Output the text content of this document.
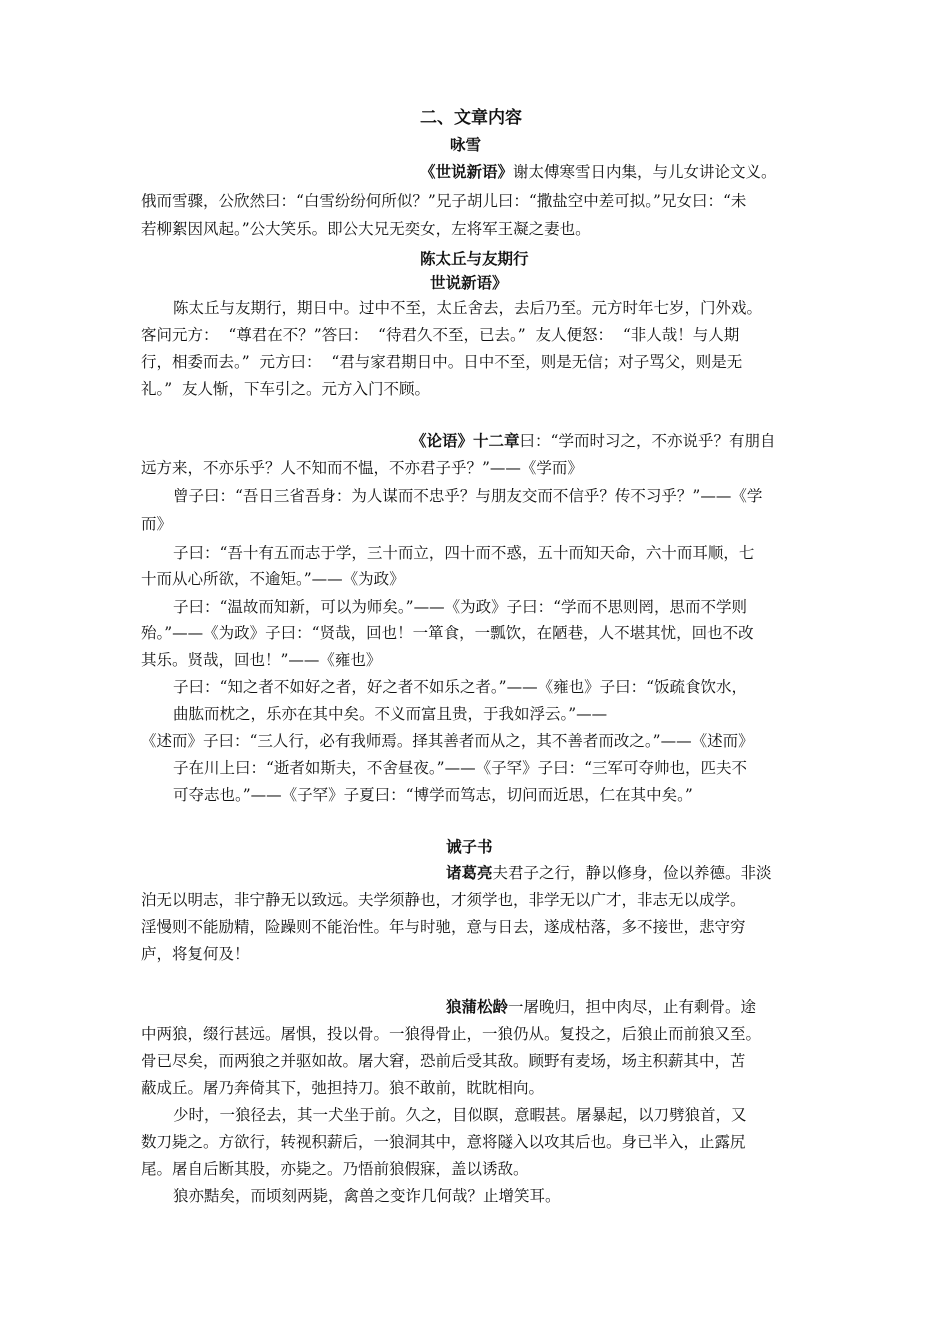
二、文章内容
咏雪
《世说新语》谢太傅寒雪日内集，与儿女讲论文义。
俄而雪骤，公欣然曰：“白雪纷纷何所似？”兄子胡儿曰：“撒盐空中差可拟。”兄女曰：“未
若柳絮因风起。”公大笑乐。即公大兄无奕女，左将军王凝之妻也。
陈太丘与友期行
世说新语》
陈太丘与友期行，期日中。过中不至，太丘舍去，去后乃至。元方时年七岁，门外戏。
客问元方：  “尊君在不？”答曰：  “待君久不至，已去。”  友人便怒：  “非人哉！与人期
行，相委而去。”  元方曰：  “君与家君期日中。日中不至，则是无信；对子骂父，则是无
礼。”  友人惭，下车引之。元方入门不顾。
《论语》十二章曰：“学而时习之，不亦说乎？有朋自
远方来，不亦乐乎？人不知而不愠，不亦君子乎？”——《学而》
曾子曰：“吾日三省吾身：为人谋而不忠乎？与朋友交而不信乎？传不习乎？”——《学
而》
子曰：“吾十有五而志于学，三十而立，四十而不惑，五十而知天命，六十而耳顺，七
十而从心所欲，不逾矩。”——《为政》
子曰：“温故而知新，可以为师矣。”——《为政》子曰：“学而不思则罔，思而不学则
殆。”——《为政》子曰：“贤哉，回也！一箪食，一瓢饮，在陋巷，人不堪其忧，回也不改
其乐。贤哉，回也！”——《雍也》
子曰：“知之者不如好之者，好之者不如乐之者。”——《雍也》子曰：“饭疏食饮水，
曲肱而枕之，乐亦在其中矣。不义而富且贵，于我如浮云。”——
《述而》子曰：“三人行，必有我师焉。择其善者而从之，其不善者而改之。”——《述而》
子在川上曰：“逝者如斯夫，不舍昼夜。”——《子罕》子曰：“三军可夺帅也，匹夫不
可夺志也。”——《子罕》子夏曰：“博学而笃志，切问而近思，仁在其中矣。”
诫子书
诸葛亮夫君子之行，静以修身，俭以养德。非淡
泊无以明志，非宁静无以致远。夫学须静也，才须学也，非学无以广才，非志无以成学。
淫慢则不能励精，险躁则不能治性。年与时驰，意与日去，遂成枯落，多不接世，悲守穷
庐，将复何及！
狼蒲松龄一屠晚归，担中肉尽，止有剩骨。途
中两狼，缀行甚远。屠惧，投以骨。一狼得骨止，一狼仍从。复投之，后狼止而前狼又至。
骨已尽矣，而两狼之并驱如故。屠大窘，恐前后受其敌。顾野有麦场，场主积薪其中，苫
蔽成丘。屠乃奔倚其下，弛担持刀。狼不敢前，眈眈相向。
少时，一狼径去，其一犬坐于前。久之，目似瞑，意暇甚。屠暴起，以刀劈狼首，又
数刀毙之。方欲行，转视积薪后，一狼洞其中，意将隧入以攻其后也。身已半入，止露尻
尾。屠自后断其股，亦毙之。乃悟前狼假寐，盖以诱敌。
狼亦黠矣，而顷刻两毙，禽兽之变诈几何哉？止增笑耳。
